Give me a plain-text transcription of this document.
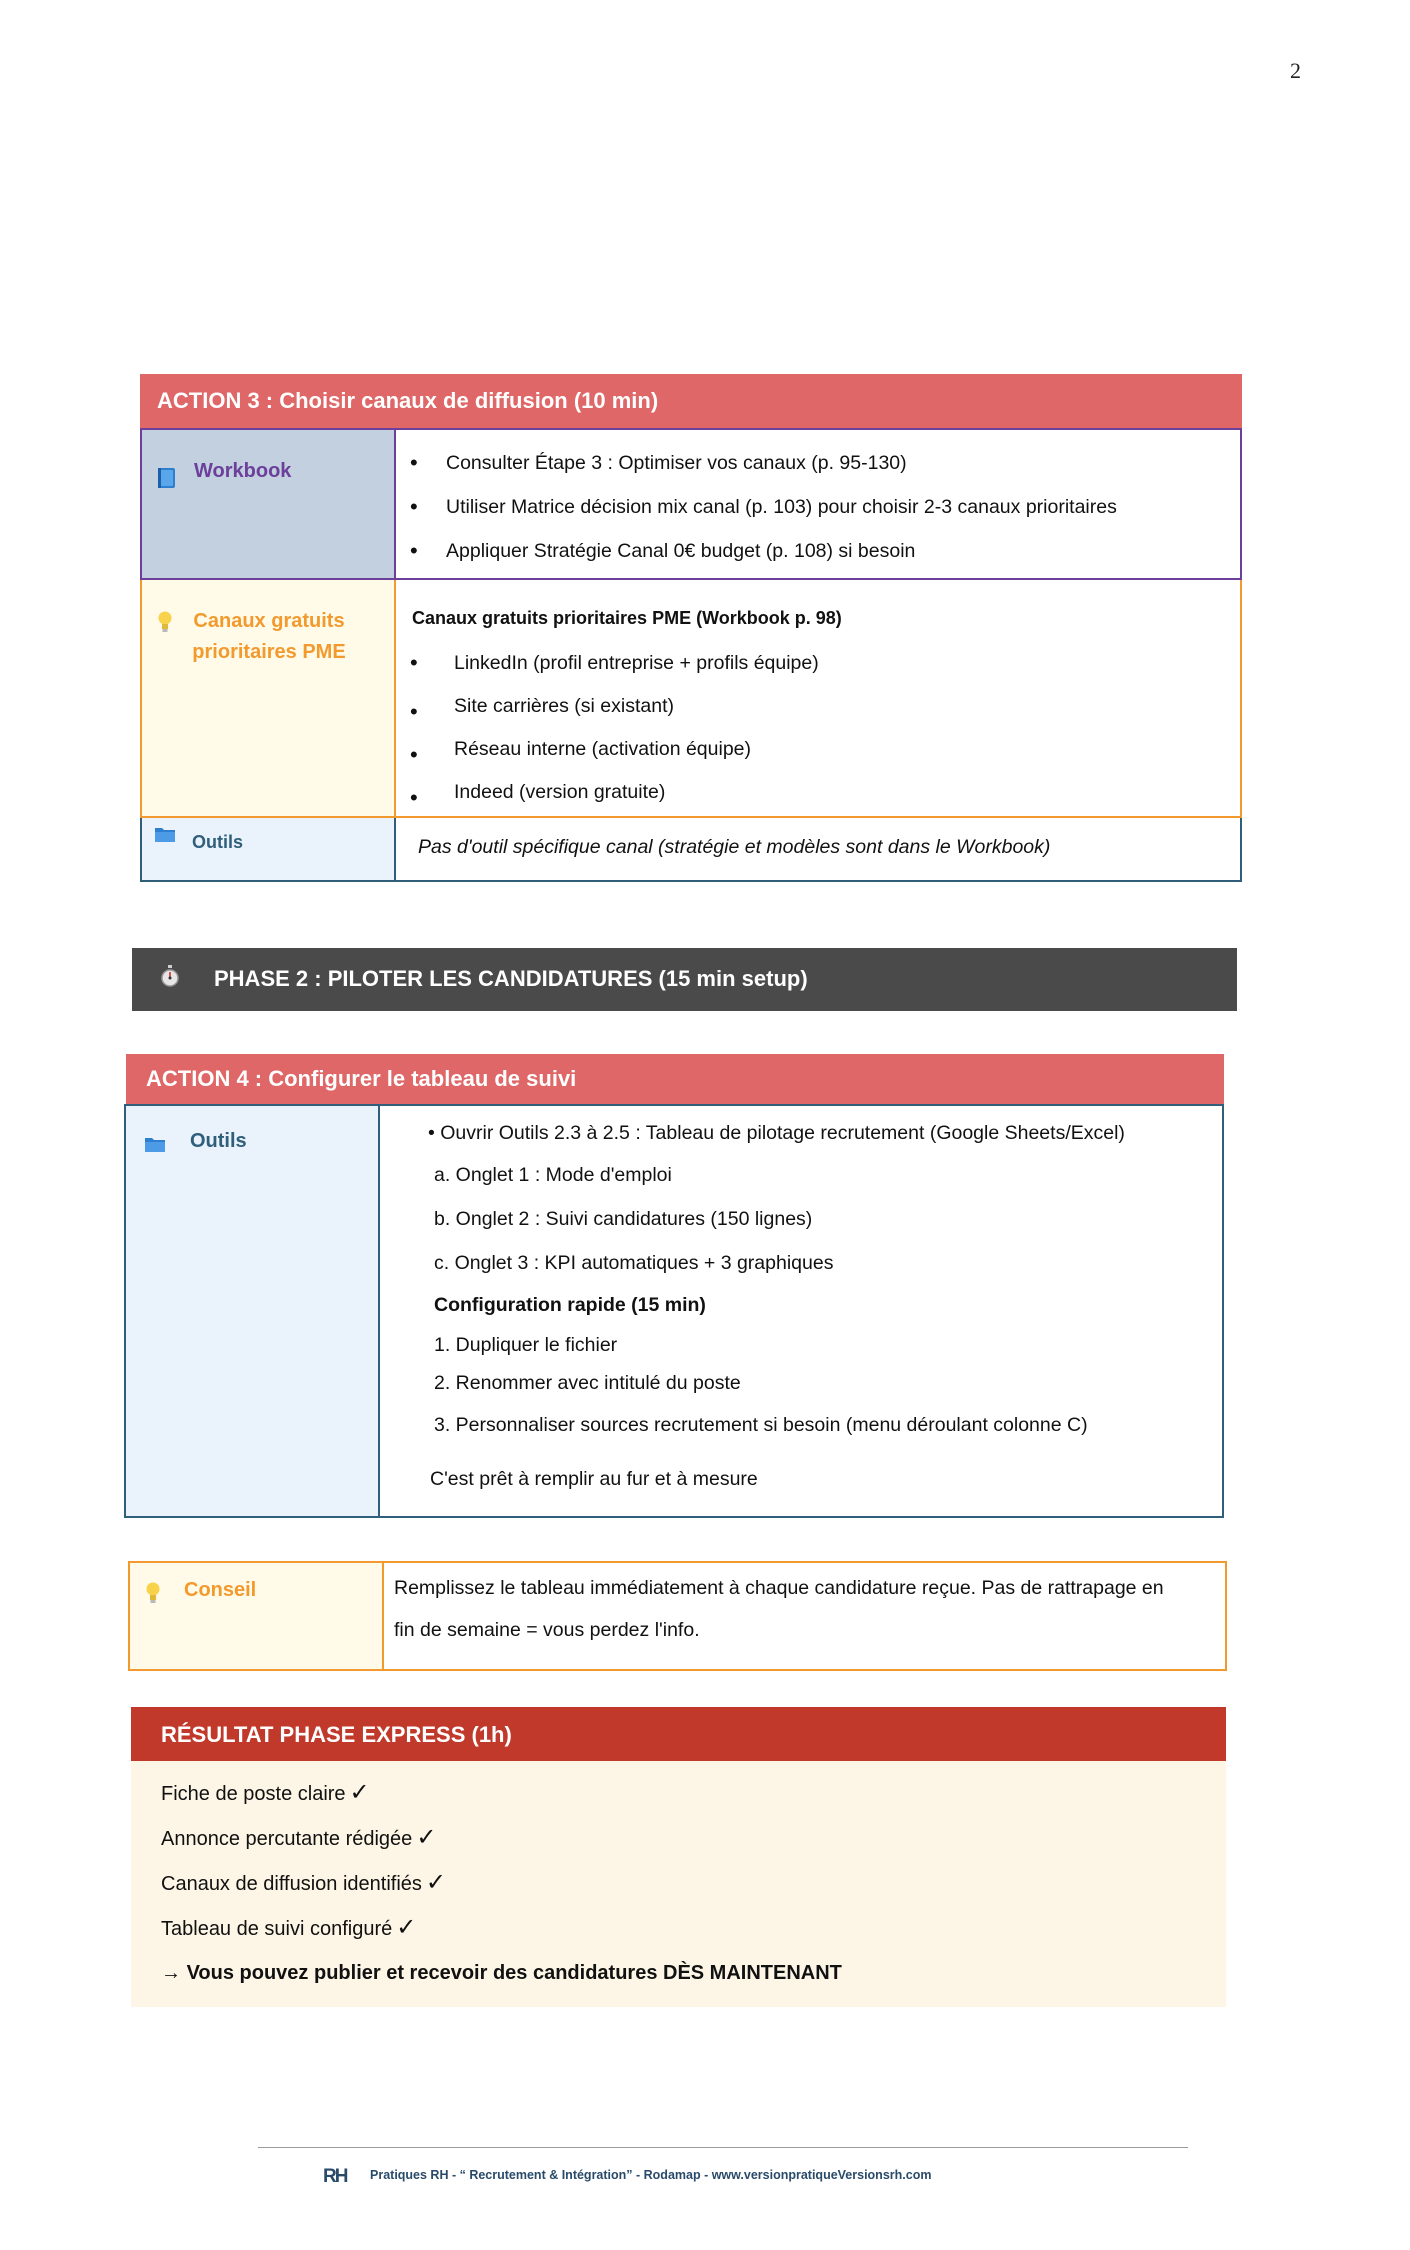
2
ACTION 3 : Choisir canaux de diffusion (10 min)
Workbook	• Consulter Étape 3 : Optimiser vos canaux (p. 95-130)
• Utiliser Matrice décision mix canal (p. 103) pour choisir 2-3 canaux prioritaires
• Appliquer Stratégie Canal 0€ budget (p. 108) si besoin
Canaux gratuits
prioritaires PME
Canaux gratuits prioritaires PME (Workbook p. 98)
• LinkedIn (profil entreprise + profils équipe)
• Site carrières (si existant)
• Réseau interne (activation équipe)
• Indeed (version gratuite)
Outils	Pas d'outil spécifique canal (stratégie et modèles sont dans le Workbook)
PHASE 2 : PILOTER LES CANDIDATURES (15 min setup)
ACTION 4 : Configurer le tableau de suivi
Outils	• Ouvrir Outils 2.3 à 2.5 : Tableau de pilotage recrutement (Google Sheets/Excel)
a. Onglet 1 : Mode d'emploi
b. Onglet 2 : Suivi candidatures (150 lignes)
c. Onglet 3 : KPI automatiques + 3 graphiques
Configuration rapide (15 min)
1. Dupliquer le fichier
2. Renommer avec intitulé du poste
3. Personnaliser sources recrutement si besoin (menu déroulant colonne C)
C'est prêt à remplir au fur et à mesure
Conseil	Remplissez le tableau immédiatement à chaque candidature reçue. Pas de rattrapage en
fin de semaine = vous perdez l'info.
RÉSULTAT PHASE EXPRESS (1h)
Fiche de poste claire ✓
Annonce percutante rédigée ✓
Canaux de diffusion identifiés ✓
Tableau de suivi configuré ✓
→ Vous pouvez publier et recevoir des candidatures DÈS MAINTENANT
RH Pratiques RH - “ Recrutement & Intégration” - Rodamap - www.versionpratiqueVersionsrh.com
